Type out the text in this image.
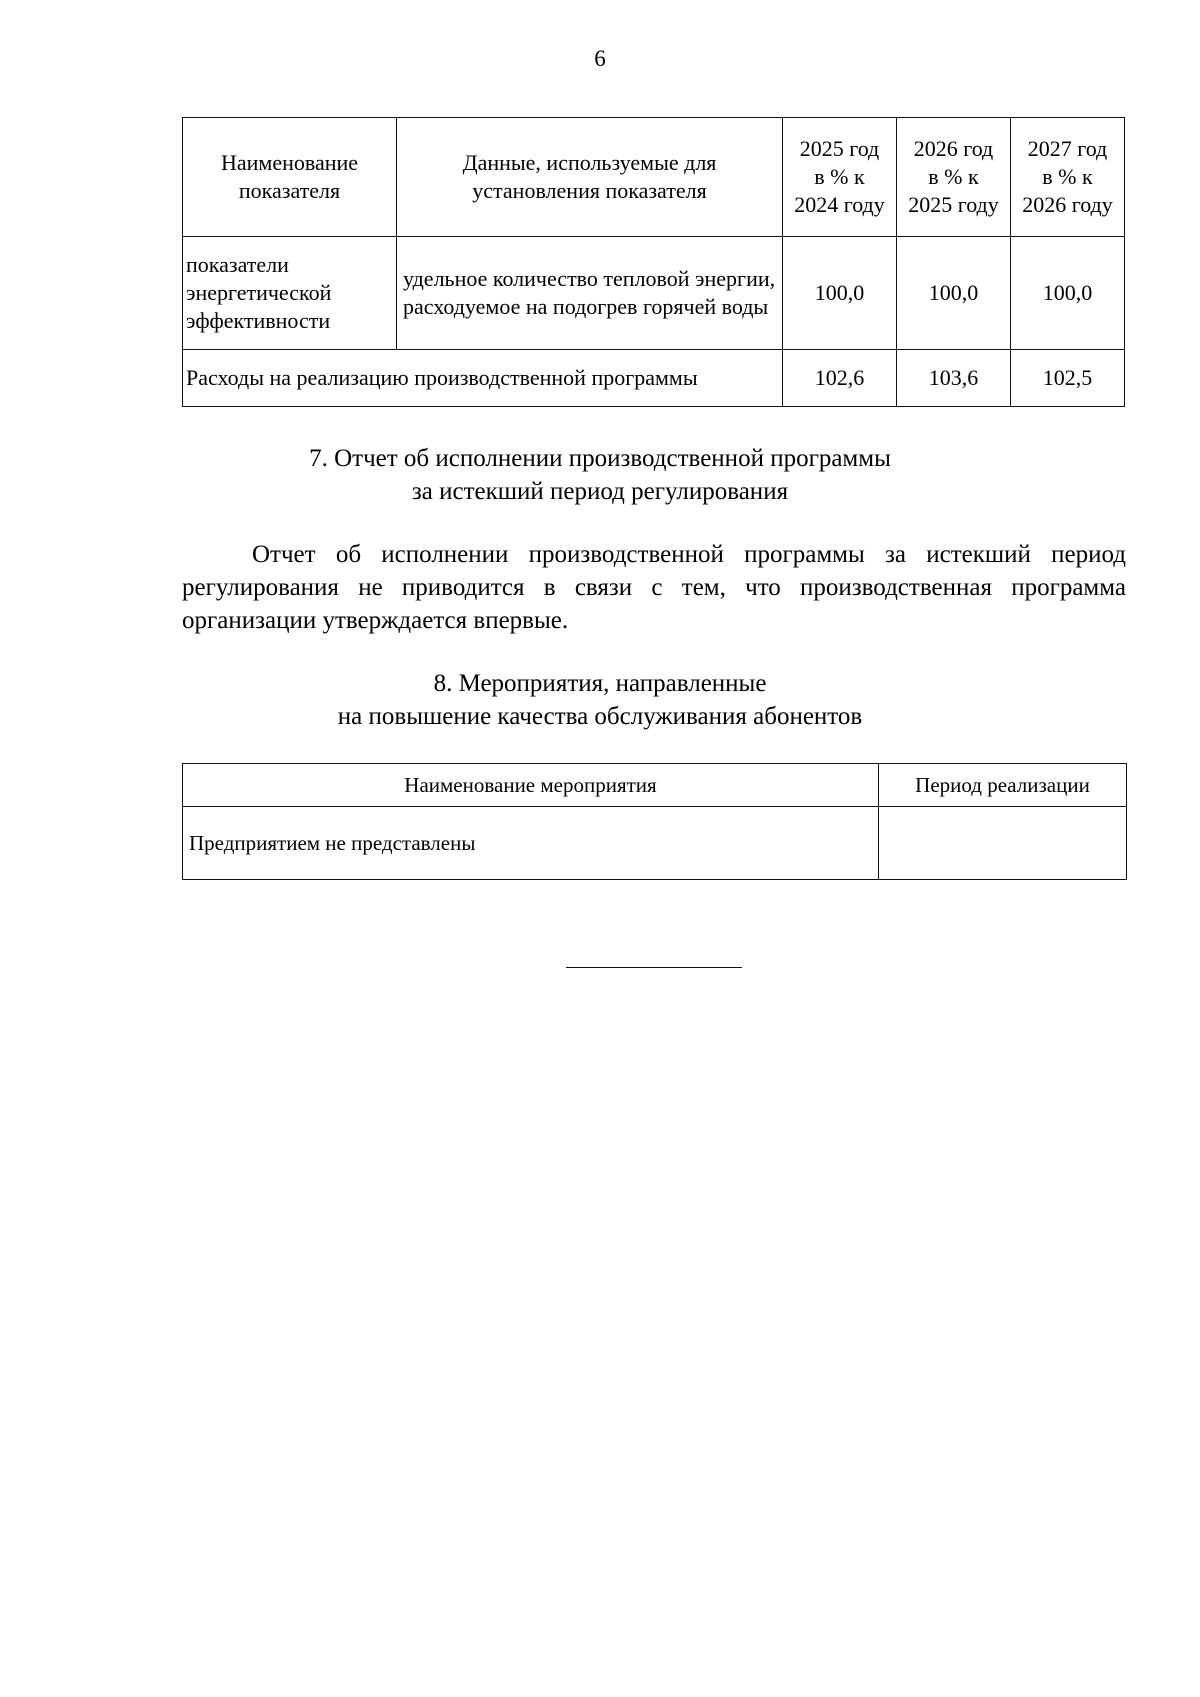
6
Наименование показателя	Данные, используемые для установления показателя	2025 год в % к 2024 году	2026 год в % к 2025 году	2027 год в % к 2026 году
показатели энергетической эффективности	удельное количество тепловой энергии, расходуемое на подогрев горячей воды	100,0	100,0	100,0
Расходы на реализацию производственной программы		102,6	103,6	102,5
7. Отчет об исполнении производственной программы
за истекший период регулирования

Отчет об исполнении производственной программы за истекший период регулирования не приводится в связи с тем, что производственная программа организации утверждается впервые.

8. Мероприятия, направленные
на повышение качества обслуживания абонентов
Наименование мероприятия	Период реализации
Предприятием не представлены	
